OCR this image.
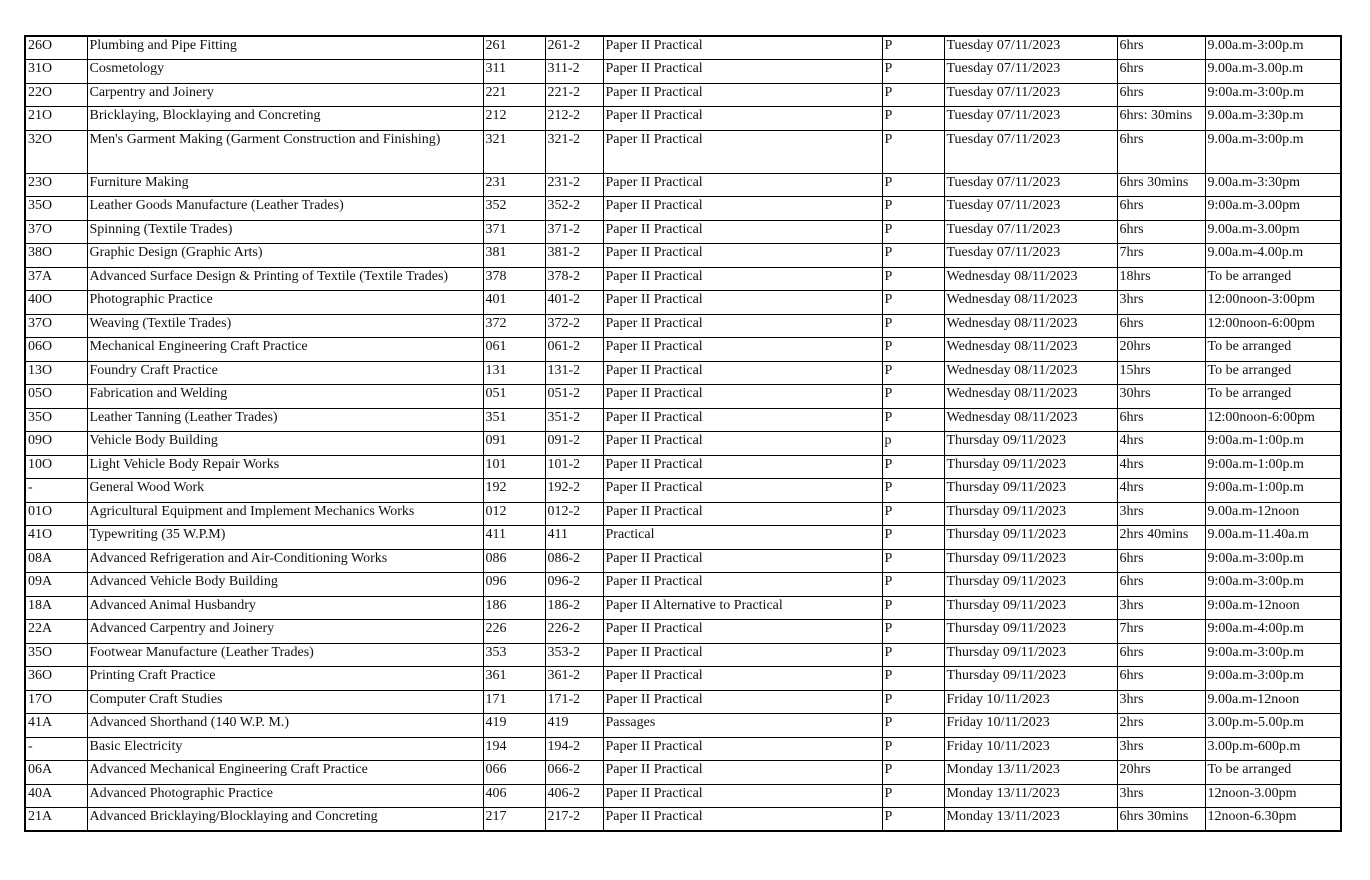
26O	Plumbing and Pipe Fitting	261	261-2	Paper II Practical	P	Tuesday 07/11/2023	6hrs	9.00a.m-3:00p.m
31O	Cosmetology	311	311-2	Paper II Practical	P	Tuesday 07/11/2023	6hrs	9.00a.m-3.00p.m
22O	Carpentry and Joinery	221	221-2	Paper II Practical	P	Tuesday 07/11/2023	6hrs	9:00a.m-3:00p.m
21O	Bricklaying, Blocklaying and Concreting	212	212-2	Paper II Practical	P	Tuesday 07/11/2023	6hrs: 30mins	9.00a.m-3:30p.m
32O	Men's Garment Making (Garment Construction and Finishing)	321	321-2	Paper II Practical	P	Tuesday 07/11/2023	6hrs	9.00a.m-3:00p.m
23O	Furniture Making	231	231-2	Paper II Practical	P	Tuesday 07/11/2023	6hrs 30mins	9.00a.m-3:30pm
35O	Leather Goods Manufacture (Leather Trades)	352	352-2	Paper II Practical	P	Tuesday 07/11/2023	6hrs	9:00a.m-3.00pm
37O	Spinning (Textile Trades)	371	371-2	Paper II Practical	P	Tuesday 07/11/2023	6hrs	9.00a.m-3.00pm
38O	Graphic Design (Graphic Arts)	381	381-2	Paper II Practical	P	Tuesday 07/11/2023	7hrs	9.00a.m-4.00p.m
37A	Advanced Surface Design & Printing of Textile (Textile Trades)	378	378-2	Paper II Practical	P	Wednesday 08/11/2023	18hrs	To be arranged
40O	Photographic Practice	401	401-2	Paper II Practical	P	Wednesday 08/11/2023	3hrs	12:00noon-3:00pm
37O	Weaving (Textile Trades)	372	372-2	Paper II Practical	P	Wednesday 08/11/2023	6hrs	12:00noon-6:00pm
06O	Mechanical Engineering Craft Practice	061	061-2	Paper II Practical	P	Wednesday 08/11/2023	20hrs	To be arranged
13O	Foundry Craft Practice	131	131-2	Paper II Practical	P	Wednesday 08/11/2023	15hrs	To be arranged
05O	Fabrication and Welding	051	051-2	Paper II Practical	P	Wednesday 08/11/2023	30hrs	To be arranged
35O	Leather Tanning (Leather Trades)	351	351-2	Paper II Practical	P	Wednesday 08/11/2023	6hrs	12:00noon-6:00pm
09O	Vehicle Body Building	091	091-2	Paper II Practical	p	Thursday 09/11/2023	4hrs	9:00a.m-1:00p.m
10O	Light Vehicle Body Repair Works	101	101-2	Paper II Practical	P	Thursday 09/11/2023	4hrs	9:00a.m-1:00p.m
-	General Wood Work	192	192-2	Paper II Practical	P	Thursday 09/11/2023	4hrs	9:00a.m-1:00p.m
01O	Agricultural Equipment and Implement Mechanics Works	012	012-2	Paper II Practical	P	Thursday 09/11/2023	3hrs	9.00a.m-12noon
41O	Typewriting (35 W.P.M)	411	411	Practical	P	Thursday 09/11/2023	2hrs 40mins	9.00a.m-11.40a.m
08A	Advanced Refrigeration and Air-Conditioning Works	086	086-2	Paper II Practical	P	Thursday 09/11/2023	6hrs	9:00a.m-3:00p.m
09A	Advanced Vehicle Body Building	096	096-2	Paper II Practical	P	Thursday 09/11/2023	6hrs	9:00a.m-3:00p.m
18A	Advanced Animal Husbandry	186	186-2	Paper II Alternative to Practical	P	Thursday 09/11/2023	3hrs	9:00a.m-12noon
22A	Advanced Carpentry and Joinery	226	226-2	Paper II Practical	P	Thursday 09/11/2023	7hrs	9:00a.m-4:00p.m
35O	Footwear Manufacture (Leather Trades)	353	353-2	Paper II Practical	P	Thursday 09/11/2023	6hrs	9:00a.m-3:00p.m
36O	Printing Craft Practice	361	361-2	Paper II Practical	P	Thursday 09/11/2023	6hrs	9:00a.m-3:00p.m
17O	Computer Craft Studies	171	171-2	Paper II Practical	P	Friday 10/11/2023	3hrs	9.00a.m-12noon
41A	Advanced Shorthand (140 W.P. M.)	419	419	Passages	P	Friday 10/11/2023	2hrs	3.00p.m-5.00p.m
-	Basic Electricity	194	194-2	Paper II Practical	P	Friday 10/11/2023	3hrs	3.00p.m-600p.m
06A	Advanced Mechanical Engineering Craft Practice	066	066-2	Paper II Practical	P	Monday 13/11/2023	20hrs	To be arranged
40A	Advanced Photographic Practice	406	406-2	Paper II Practical	P	Monday 13/11/2023	3hrs	12noon-3.00pm
21A	Advanced Bricklaying/Blocklaying and Concreting	217	217-2	Paper II Practical	P	Monday 13/11/2023	6hrs 30mins	12noon-6.30pm
